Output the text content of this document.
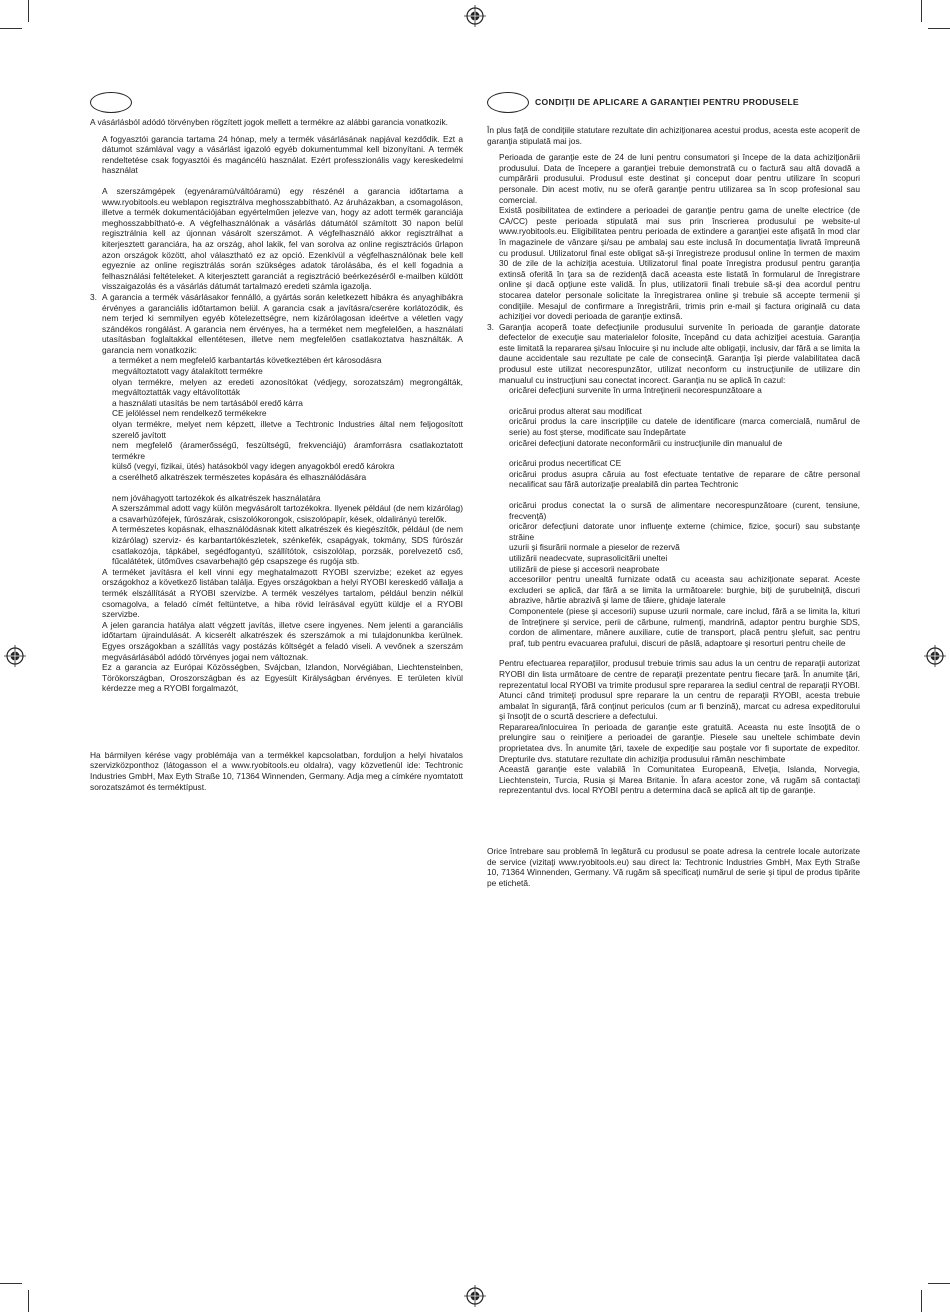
A vásárlásból adódó törvényben rögzített jogok mellett a termékre az alábbi garancia vonatkozik.

A fogyasztói garancia tartama 24 hónap, mely a termék vásárlásának napjával kezdődik. Ezt a dátumot számlával vagy a vásárlást igazoló egyéb dokumentummal kell bizonyítani. A termék rendeltetése csak fogyasztói és magáncélú használat. Ezért professzionális vagy kereskedelmi használat

A szerszámgépek (egyenáramú/váltóáramú) egy részénél a garancia időtartama a www.ryobitools.eu weblapon regisztrálva meghosszabbítható. Az áruházakban, a csomagoláson, illetve a termék dokumentációjában egyértelműen jelezve van, hogy az adott termék garanciája meghosszabbítható-e. A végfelhasználónak a vásárlás dátumától számított 30 napon belül regisztrálnia kell az újonnan vásárolt szerszámot. A végfelhasználó akkor regisztrálhat a kiterjesztett garanciára, ha az ország, ahol lakik, fel van sorolva az online regisztrációs űrlapon azon országok között, ahol választható ez az opció. Ezenkívül a végfelhasználónak bele kell egyeznie az online regisztrálás során szükséges adatok tárolásába, és el kell fogadnia a felhasználási feltételeket. A kiterjesztett garanciát a regisztráció beérkezéséről e-mailben küldött visszaigazolás és a vásárlás dátumát tartalmazó eredeti számla igazolja.

3. A garancia a termék vásárlásakor fennálló, a gyártás során keletkezett hibákra és anyaghibákra érvényes a garanciális időtartamon belül. A garancia csak a javításra/cserére korlátozódik, és nem terjed ki semmilyen egyéb kötelezettségre, nem kizárólagosan ideértve a véletlen vagy szándékos rongálást. A garancia nem érvényes, ha a terméket nem megfelelően, a használati utasításban foglaltakkal ellentétesen, illetve nem megfelelően csatlakoztatva használták. A garancia nem vonatkozik:

a terméket a nem megfelelő karbantartás következtében ért károsodásra

megváltoztatott vagy átalakított termékre

olyan termékre, melyen az eredeti azonosítókat (védjegy, sorozatszám) megrongálták, megváltoztatták vagy eltávolították

a használati utasítás be nem tartásából eredő kárra

CE jelöléssel nem rendelkező termékekre

olyan termékre, melyet nem képzett, illetve a Techtronic Industries által nem feljogosított szerelő javított

nem megfelelő (áramerősségű, feszültségű, frekvenciájú) áramforrásra csatlakoztatott termékre

külső (vegyi, fizikai, ütés) hatásokból vagy idegen anyagokból eredő károkra

a cserélhető alkatrészek természetes kopására és elhasználódására

nem jóváhagyott tartozékok és alkatrészek használatára

A szerszámmal adott vagy külön megvásárolt tartozékokra. Ilyenek például (de nem kizárólag) a csavarhúzófejek, fúrószárak, csiszolókorongok, csiszolópapír, kések, oldalirányú terelők.

A természetes kopásnak, elhasználódásnak kitett alkatrészek és kiegészítők, például (de nem kizárólag) szerviz- és karbantartókészletek, szénkefék, csapágyak, tokmány, SDS fúrószár csatlakozója, tápkábel, segédfogantyú, szállítótok, csiszolólap, porzsák, porelvezető cső, fűcalátétek, ütőműves csavarbehajtó gép csapszege és rugója stb.

A terméket javításra el kell vinni egy meghatalmazott RYOBI szervizbe; ezeket az egyes országokhoz a következő listában találja. Egyes országokban a helyi RYOBI kereskedő vállalja a termék elszállítását a RYOBI szervizbe. A termék veszélyes tartalom, például benzin nélkül csomagolva, a feladó címét feltüntetve, a hiba rövid leírásával együtt küldje el a RYOBI szervizbe.

A jelen garancia hatálya alatt végzett javítás, illetve csere ingyenes. Nem jelenti a garanciális időtartam újraindulását. A kicserélt alkatrészek és szerszámok a mi tulajdonunkba kerülnek. Egyes országokban a szállítás vagy postázás költségét a feladó viseli. A vevőnek a szerszám megvásárlásából adódó törvényes jogai nem változnak.

Ez a garancia az Európai Közösségben, Svájcban, Izlandon, Norvégiában, Liechtensteinben, Törökországban, Oroszországban és az Egyesült Királyságban érvényes. E területen kívül kérdezze meg a RYOBI forgalmazót,

Ha bármilyen kérése vagy problémája van a termékkel kapcsolatban, forduljon a helyi hivatalos szervizközponthoz (látogasson el a www.ryobitools.eu oldalra), vagy közvetlenül ide: Techtronic Industries GmbH, Max Eyth Straße 10, 71364 Winnenden, Germany. Adja meg a címkére nyomtatott sorozatszámot és terméktípust.

CONDIŢII DE APLICARE A GARANŢIEI PENTRU PRODUSELE

În plus faţă de condiţiile statutare rezultate din achiziţionarea acestui produs, acesta este acoperit de garanţia stipulată mai jos.

Perioada de garanţie este de 24 de luni pentru consumatori şi începe de la data achiziţionării produsului. Data de începere a garanţiei trebuie demonstrată cu o factură sau altă dovadă a cumpărării produsului. Produsul este destinat şi conceput doar pentru utilizare în scopuri personale. Din acest motiv, nu se oferă garanţie pentru utilizarea sa în scop profesional sau comercial.

Există posibilitatea de extindere a perioadei de garanţie pentru gama de unelte electrice (de CA/CC) peste perioada stipulată mai sus prin înscrierea produsului pe website-ul www.ryobitools.eu. Eligibilitatea pentru perioada de extindere a garanţiei este afişată în mod clar în magazinele de vânzare şi/sau pe ambalaj sau este inclusă în documentaţia livrată împreună cu produsul. Utilizatorul final este obligat să-şi înregistreze produsul online în termen de maxim 30 de zile de la achiziţia acestuia. Utilizatorul final poate înregistra produsul pentru garanţia extinsă oferită în ţara sa de rezidenţă dacă aceasta este listată în formularul de înregistrare online şi dacă opţiune este validă. În plus, utilizatorii finali trebuie să-şi dea acordul pentru stocarea datelor personale solicitate la înregistrarea online şi trebuie să accepte termenii şi condiţiile. Mesajul de confirmare a înregistrării, trimis prin e-mail şi factura originală cu data achiziţiei vor dovedi perioada de garanţie extinsă.

3. Garanţia acoperă toate defecţiunile produsului survenite în perioada de garanţie datorate defectelor de execuţie sau materialelor folosite, începând cu data achiziţiei acestuia. Garanţia este limitată la repararea şi/sau înlocuire şi nu include alte obligaţii, inclusiv, dar fără a se limita la daune accidentale sau rezultate pe cale de consecinţă. Garanţia îşi pierde valabilitatea dacă produsul este utilizat necorespunzător, utilizat neconform cu instrucţiunile de utilizare din manualul cu instrucţiuni sau conectat incorect. Garanţia nu se aplică în cazul:

oricărei defecţiuni survenite în urma întreţinerii necorespunzătoare a

oricărui produs alterat sau modificat

oricărui produs la care inscripţiile cu datele de identificare (marca comercială, numărul de serie) au fost şterse, modificate sau îndepărtate

oricărei defecţiuni datorate neconformării cu instrucţiunile din manualul de

oricărui produs necertificat CE

oricărui produs asupra căruia au fost efectuate tentative de reparare de către personal necalificat sau fără autorizaţie prealabilă din partea Techtronic

oricărui produs conectat la o sursă de alimentare necorespunzătoare (curent, tensiune, frecvenţă)

oricăror defecţiuni datorate unor influenţe externe (chimice, fizice, şocuri) sau substanţe străine

uzurii şi fisurării normale a pieselor de rezervă

utilizării neadecvate, suprasolicitării uneltei

utilizării de piese şi accesorii neaprobate

accesoriilor pentru unealtă furnizate odată cu aceasta sau achiziţionate separat. Aceste excluderi se aplică, dar fără a se limita la următoarele: burghie, biţi de şurubelniţă, discuri abrazive, hârtie abrazivă şi lame de tăiere, ghidaje laterale

Componentele (piese şi accesorii) supuse uzurii normale, care includ, fără a se limita la, kituri de întreţinere şi service, perii de cărbune, rulmenţi, mandrină, adaptor pentru burghie SDS, cordon de alimentare, mânere auxiliare, cutie de transport, placă pentru şlefuit, sac pentru praf, tub pentru evacuarea prafului, discuri de pâslă, adaptoare şi resorturi pentru cheile de

Pentru efectuarea reparaţiilor, produsul trebuie trimis sau adus la un centru de reparaţii autorizat RYOBI din lista următoare de centre de reparaţii prezentate pentru fiecare ţară. În anumite ţări, reprezentatul local RYOBI va trimite produsul spre repararea la sediul central de reparaţii RYOBI. Atunci când trimiteţi produsul spre reparare la un centru de reparaţii RYOBI, acesta trebuie ambalat în siguranţă, fără conţinut periculos (cum ar fi benzină), marcat cu adresa expeditorului şi însoţit de o scurtă descriere a defectului.

Repararea/înlocuirea în perioada de garanţie este gratuită. Aceasta nu este însoţită de o prelungire sau o reiniţiere a perioadei de garanţie. Piesele sau uneltele schimbate devin proprietatea dvs. În anumite ţări, taxele de expediţie sau poştale vor fi suportate de expeditor. Drepturile dvs. statutare rezultate din achiziţia produsului rămân neschimbate

Această garanţie este valabilă în Comunitatea Europeană, Elveţia, Islanda, Norvegia, Liechtenstein, Turcia, Rusia şi Marea Britanie. În afara acestor zone, vă rugăm să contactaţi reprezentantul dvs. local RYOBI pentru a determina dacă se aplică alt tip de garanţie.

Orice întrebare sau problemă în legătură cu produsul se poate adresa la centrele locale autorizate de service (vizitaţi www.ryobitools.eu) sau direct la: Techtronic Industries GmbH, Max Eyth Straße 10, 71364 Winnenden, Germany. Vă rugăm să specificaţi numărul de serie şi tipul de produs tipărite pe etichetă.
